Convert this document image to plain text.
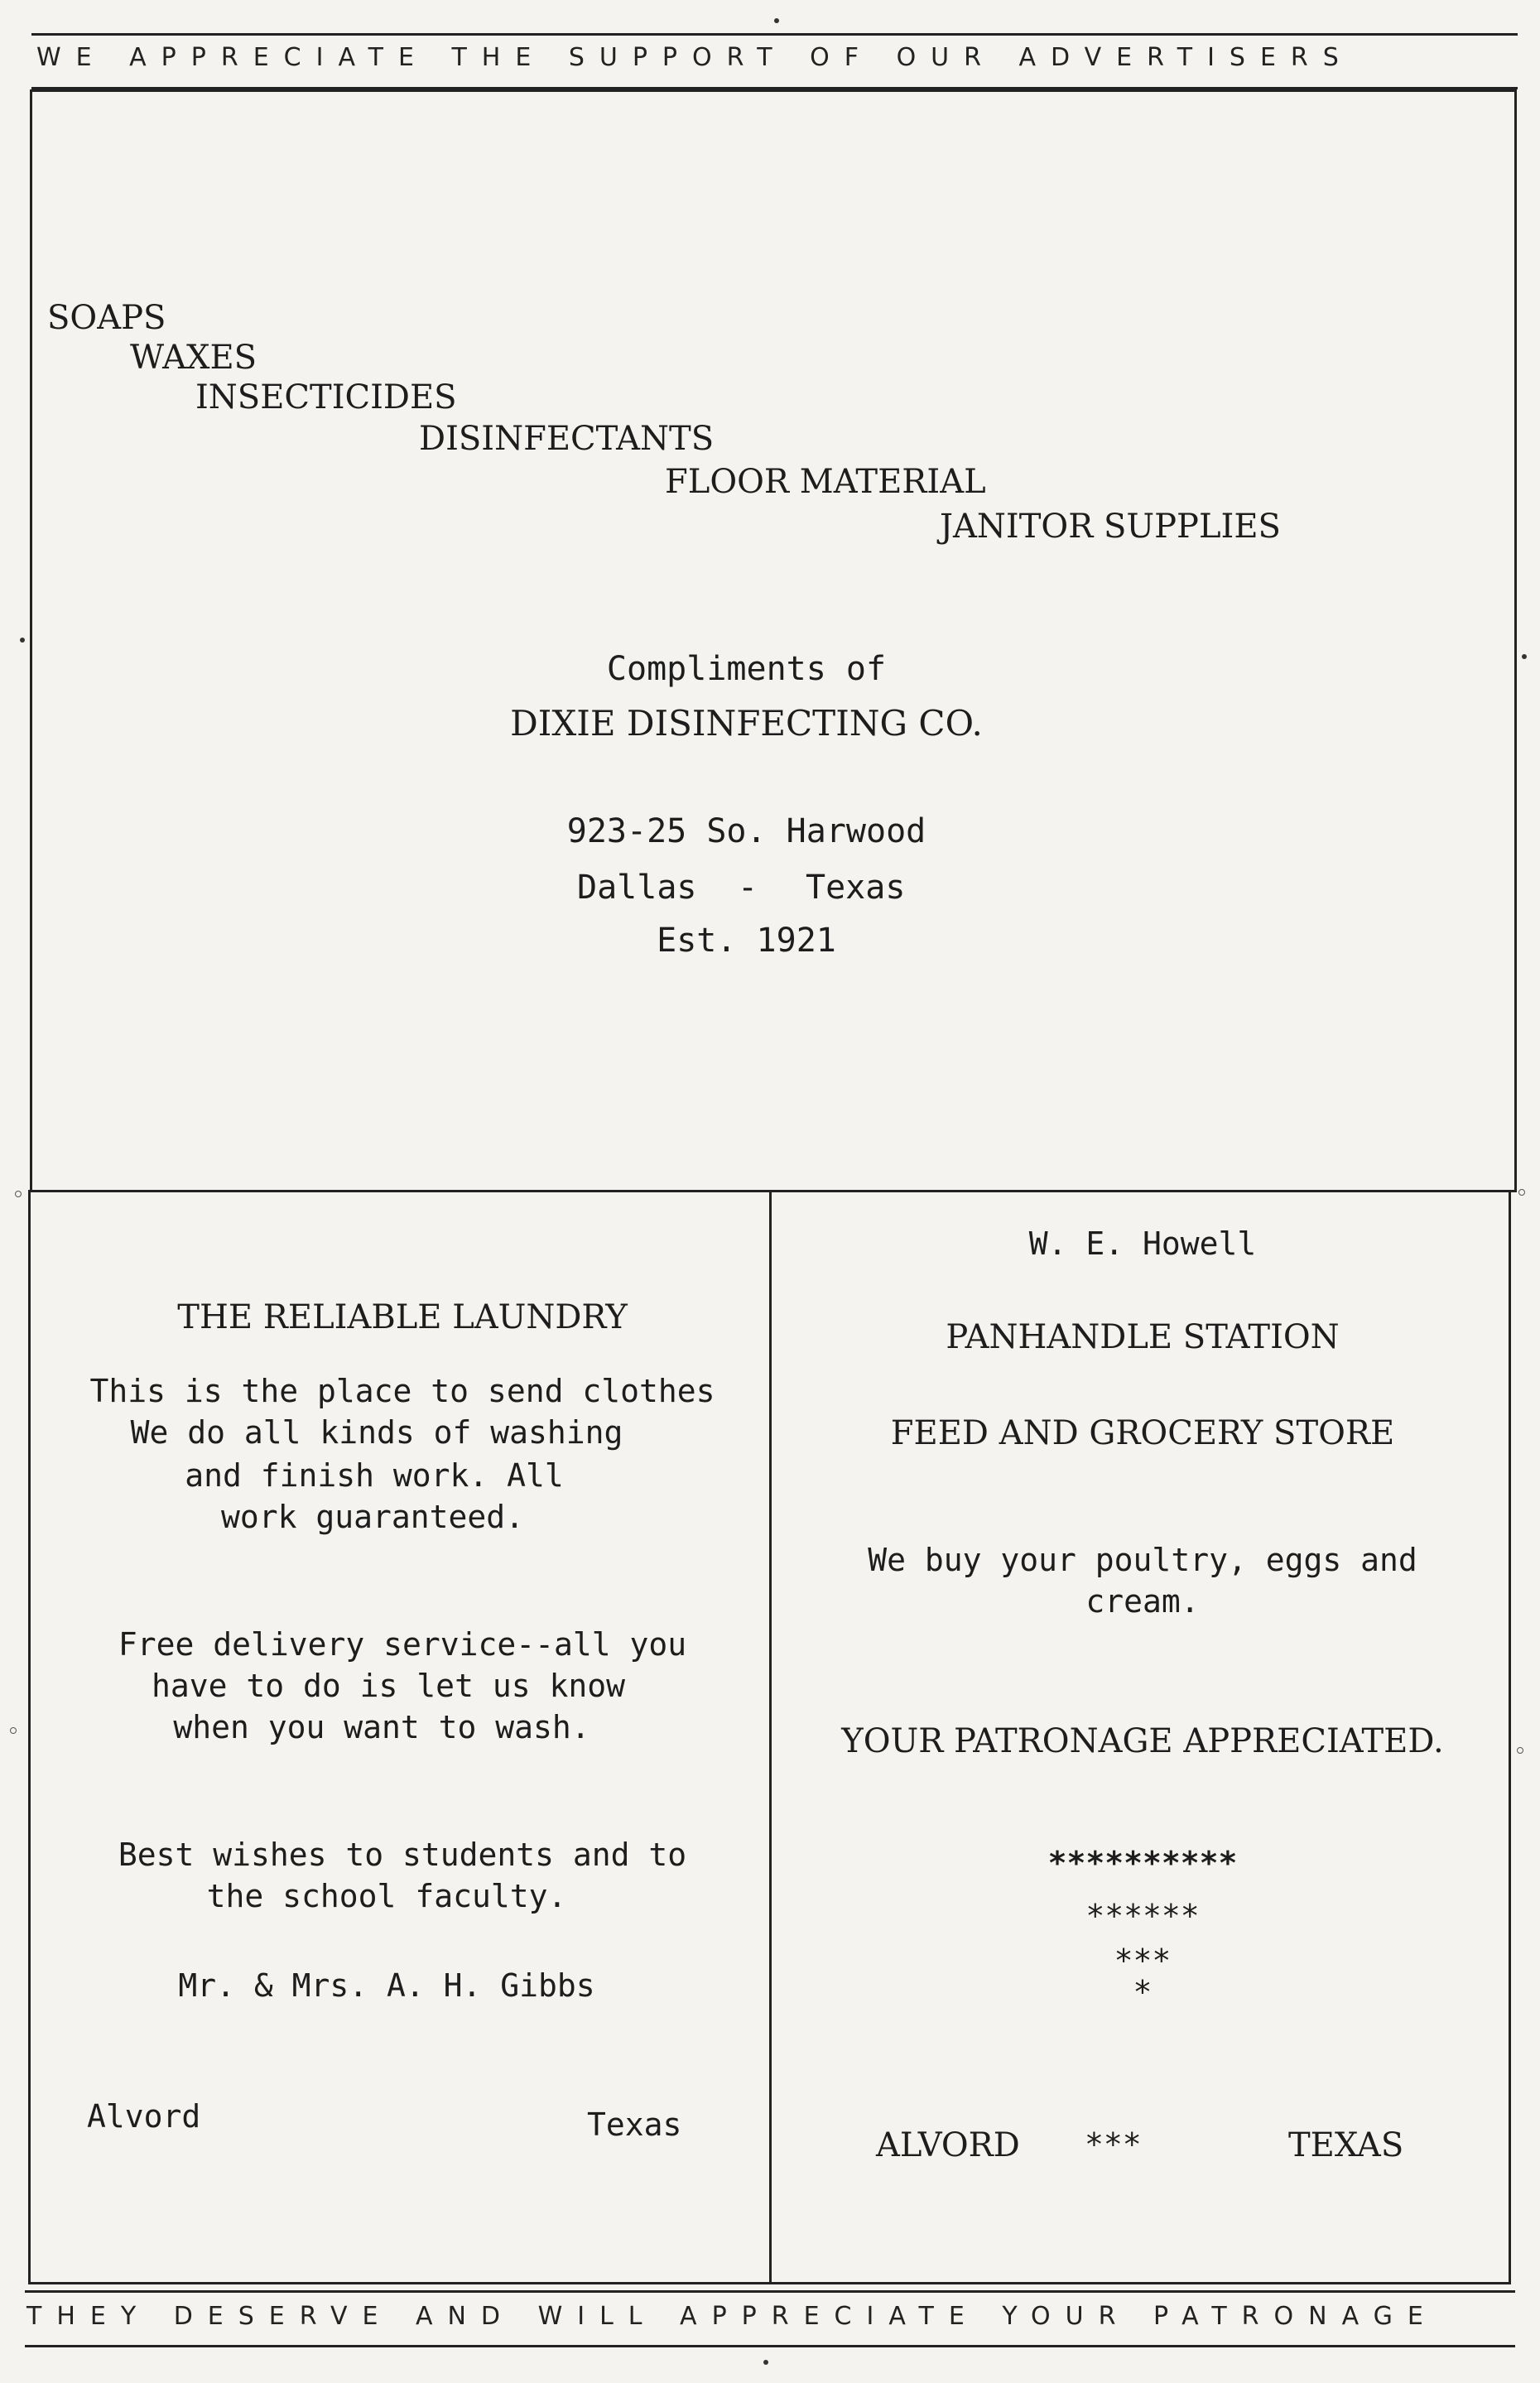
WE APPRECIATE THE SUPPORT OF OUR ADVERTISERS
SOAPS
WAXES
INSECTICIDES
DISINFECTANTS
FLOOR MATERIAL
JANITOR SUPPLIES
Compliments of
DIXIE DISINFECTING CO.
923-25 So. Harwood
Dallas - Texas
Est. 1921
THE RELIABLE LAUNDRY
This is the place to send clothes
We do all kinds of washing
and finish work. All
work guaranteed.
Free delivery service--all you
have to do is let us know
when you want to wash.
Best wishes to students and to
the school faculty.
Mr. & Mrs. A. H. Gibbs
Alvord	Texas
W. E. Howell
PANHANDLE STATION
FEED AND GROCERY STORE
We buy your poultry, eggs and
cream.
YOUR PATRONAGE APPRECIATED.
**********
******
***
*
ALVORD ***	TEXAS
THEY DESERVE AND WILL APPRECIATE YOUR PATRONAGE
